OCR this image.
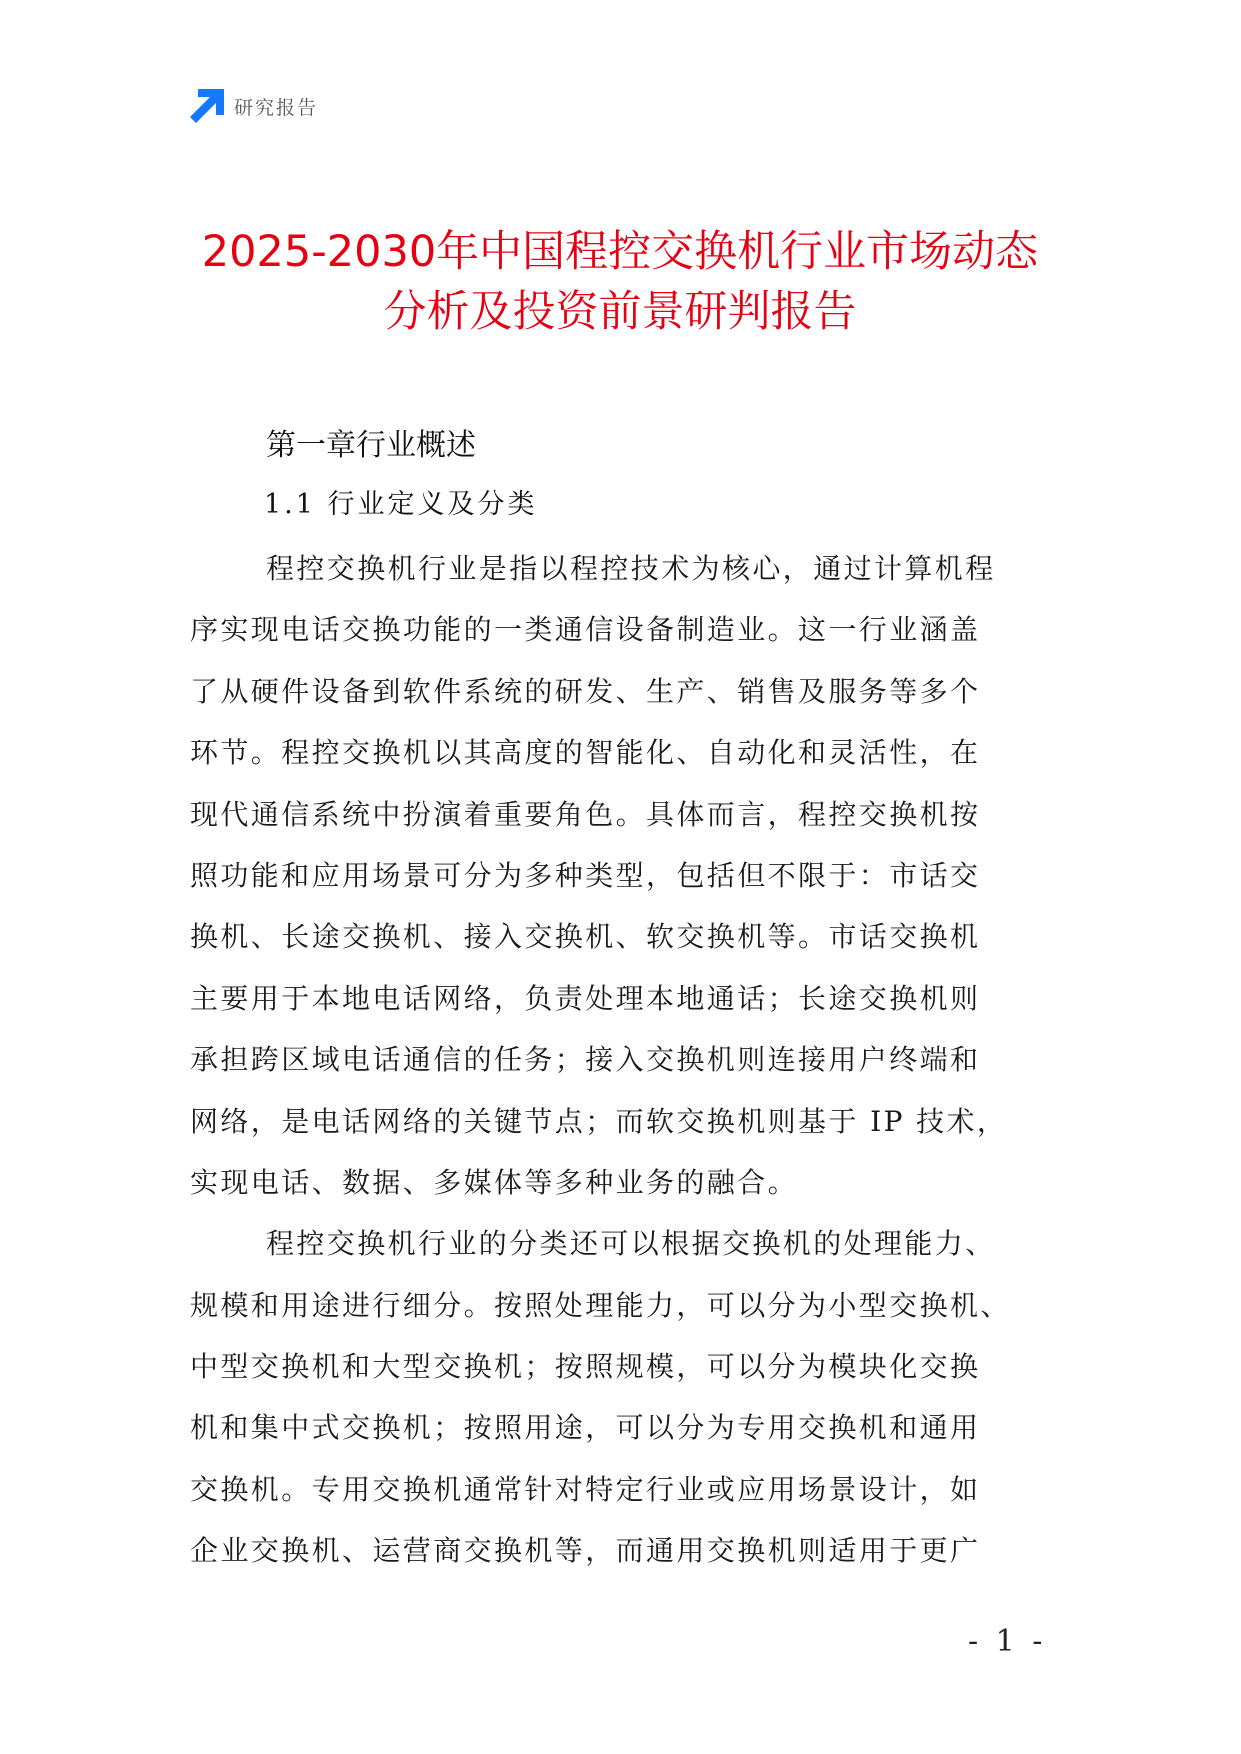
研究报告
2025-2030年中国程控交换机行业市场动态
分析及投资前景研判报告
第一章行业概述
1.1 行业定义及分类
程控交换机行业是指以程控技术为核心，通过计算机程
序实现电话交换功能的一类通信设备制造业。这一行业涵盖
了从硬件设备到软件系统的研发、生产、销售及服务等多个
环节。程控交换机以其高度的智能化、自动化和灵活性，在
现代通信系统中扮演着重要角色。具体而言，程控交换机按
照功能和应用场景可分为多种类型，包括但不限于：市话交
换机、长途交换机、接入交换机、软交换机等。市话交换机
主要用于本地电话网络，负责处理本地通话；长途交换机则
承担跨区域电话通信的任务；接入交换机则连接用户终端和
网络，是电话网络的关键节点；而软交换机则基于 IP 技术，
实现电话、数据、多媒体等多种业务的融合。
程控交换机行业的分类还可以根据交换机的处理能力、
规模和用途进行细分。按照处理能力，可以分为小型交换机、
中型交换机和大型交换机；按照规模，可以分为模块化交换
机和集中式交换机；按照用途，可以分为专用交换机和通用
交换机。专用交换机通常针对特定行业或应用场景设计，如
企业交换机、运营商交换机等，而通用交换机则适用于更广
- 1 -
